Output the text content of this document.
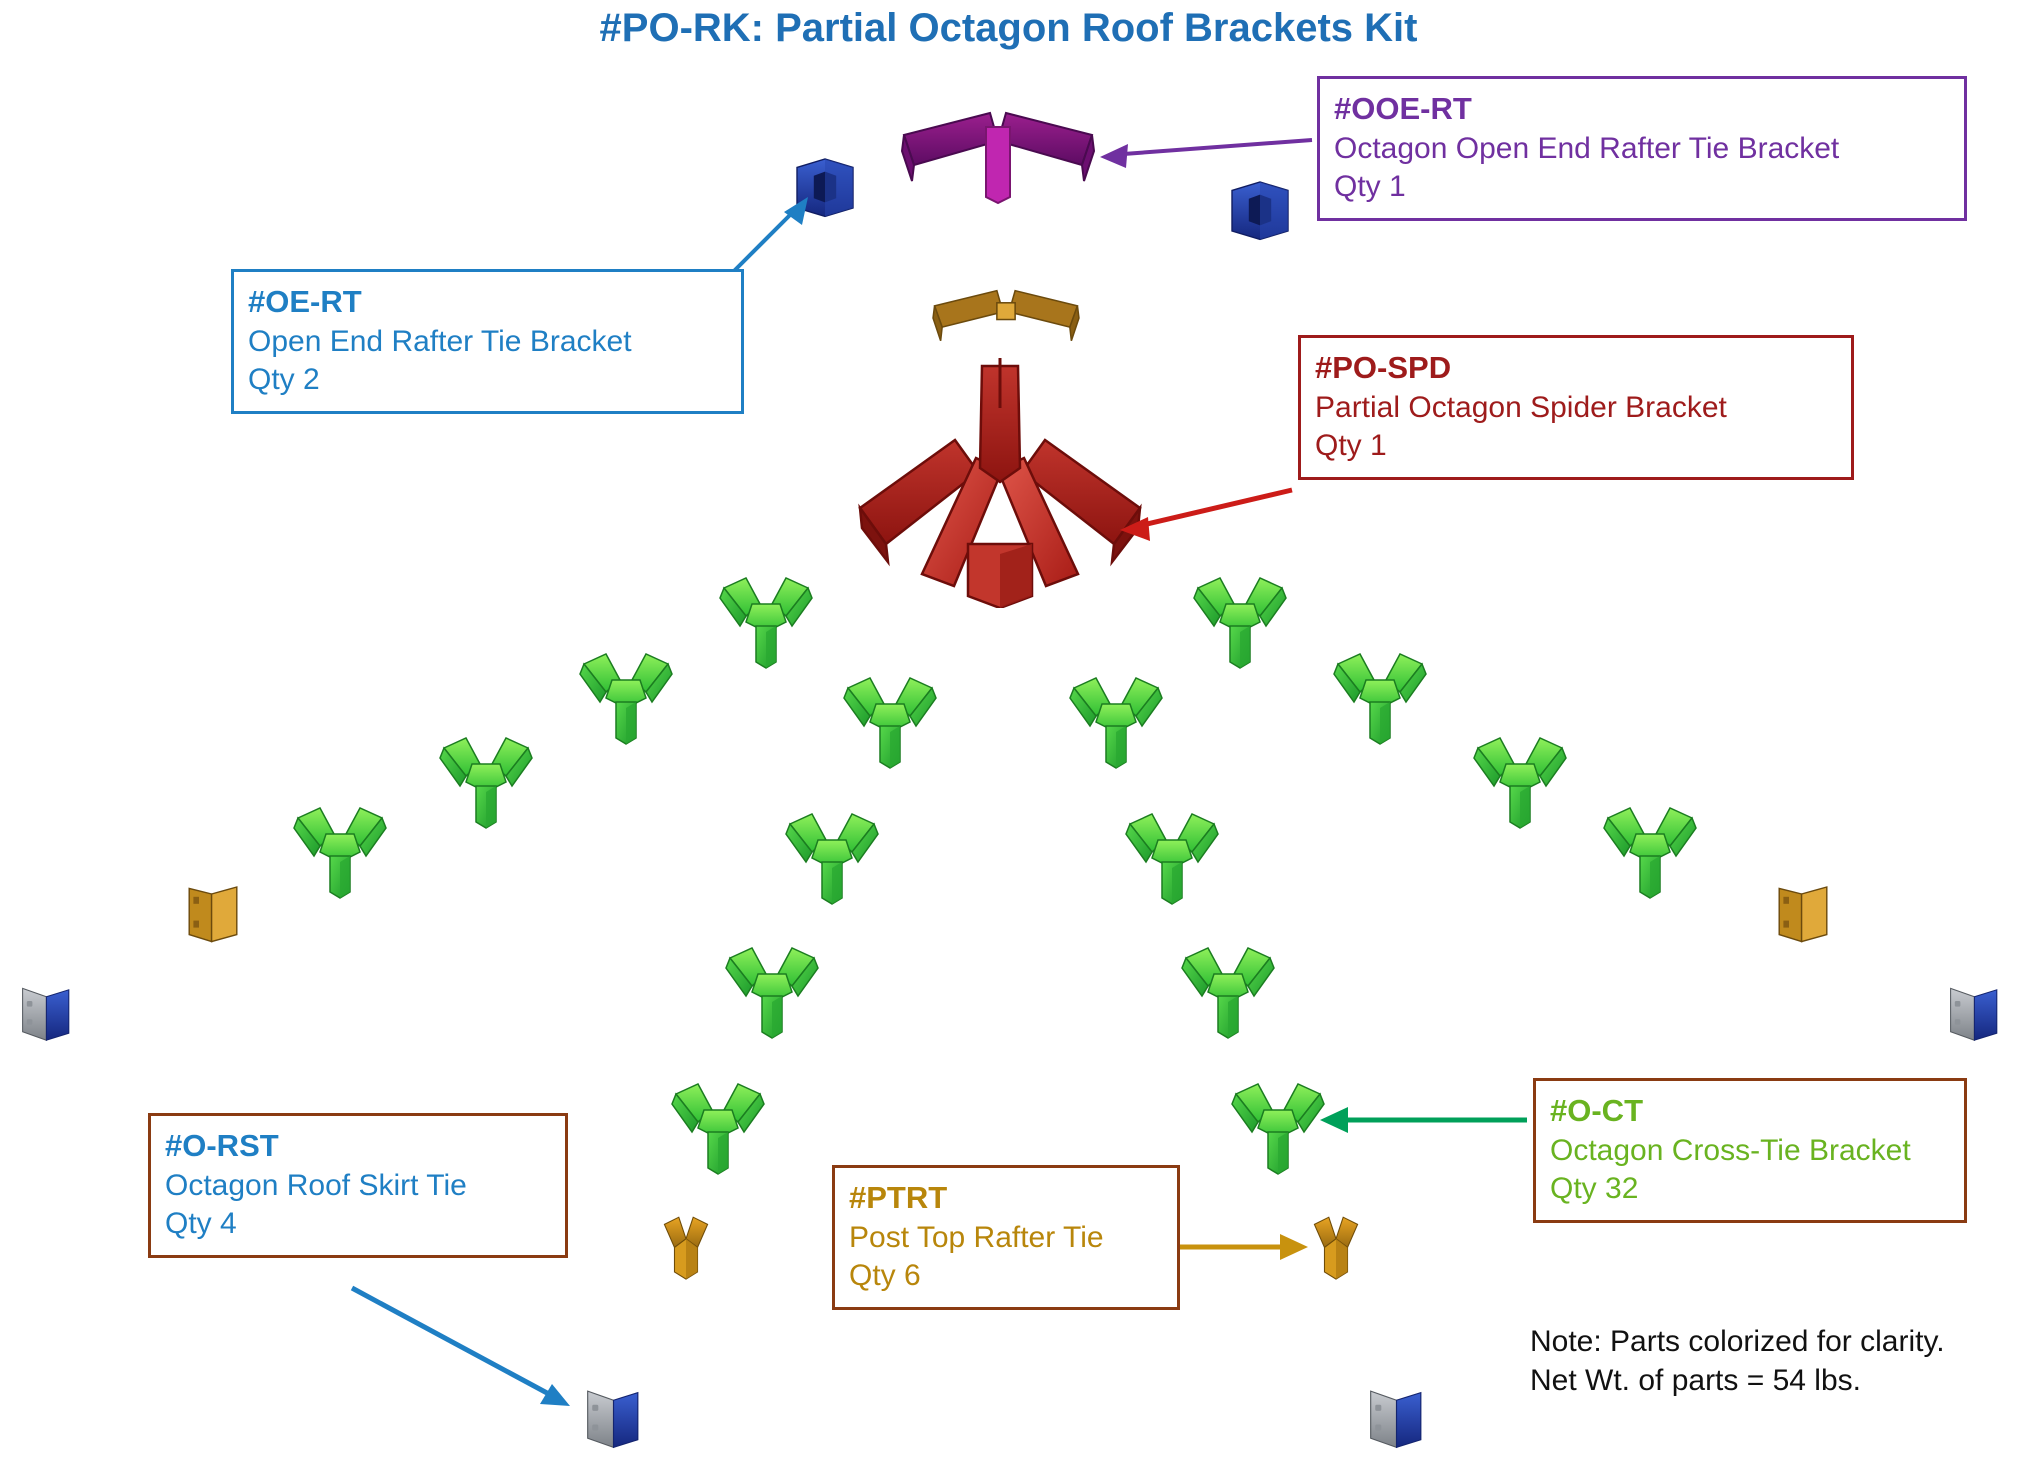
#PO-RK: Partial Octagon Roof Brackets Kit
#OOE-RT
Octagon Open End Rafter Tie Bracket
Qty 1
#OE-RT
Open End Rafter Tie Bracket
Qty 2	#PO-SPD
Partial Octagon Spider Bracket
Qty 1
#O-CT
Octagon Cross-Tie Bracket
Qty 32
#O-RST
Octagon Roof Skirt Tie
Qty 4
#PTRT
Post Top Rafter Tie
Qty 6
Note: Parts colorized for clarity.
Net Wt. of parts = 54 lbs.
